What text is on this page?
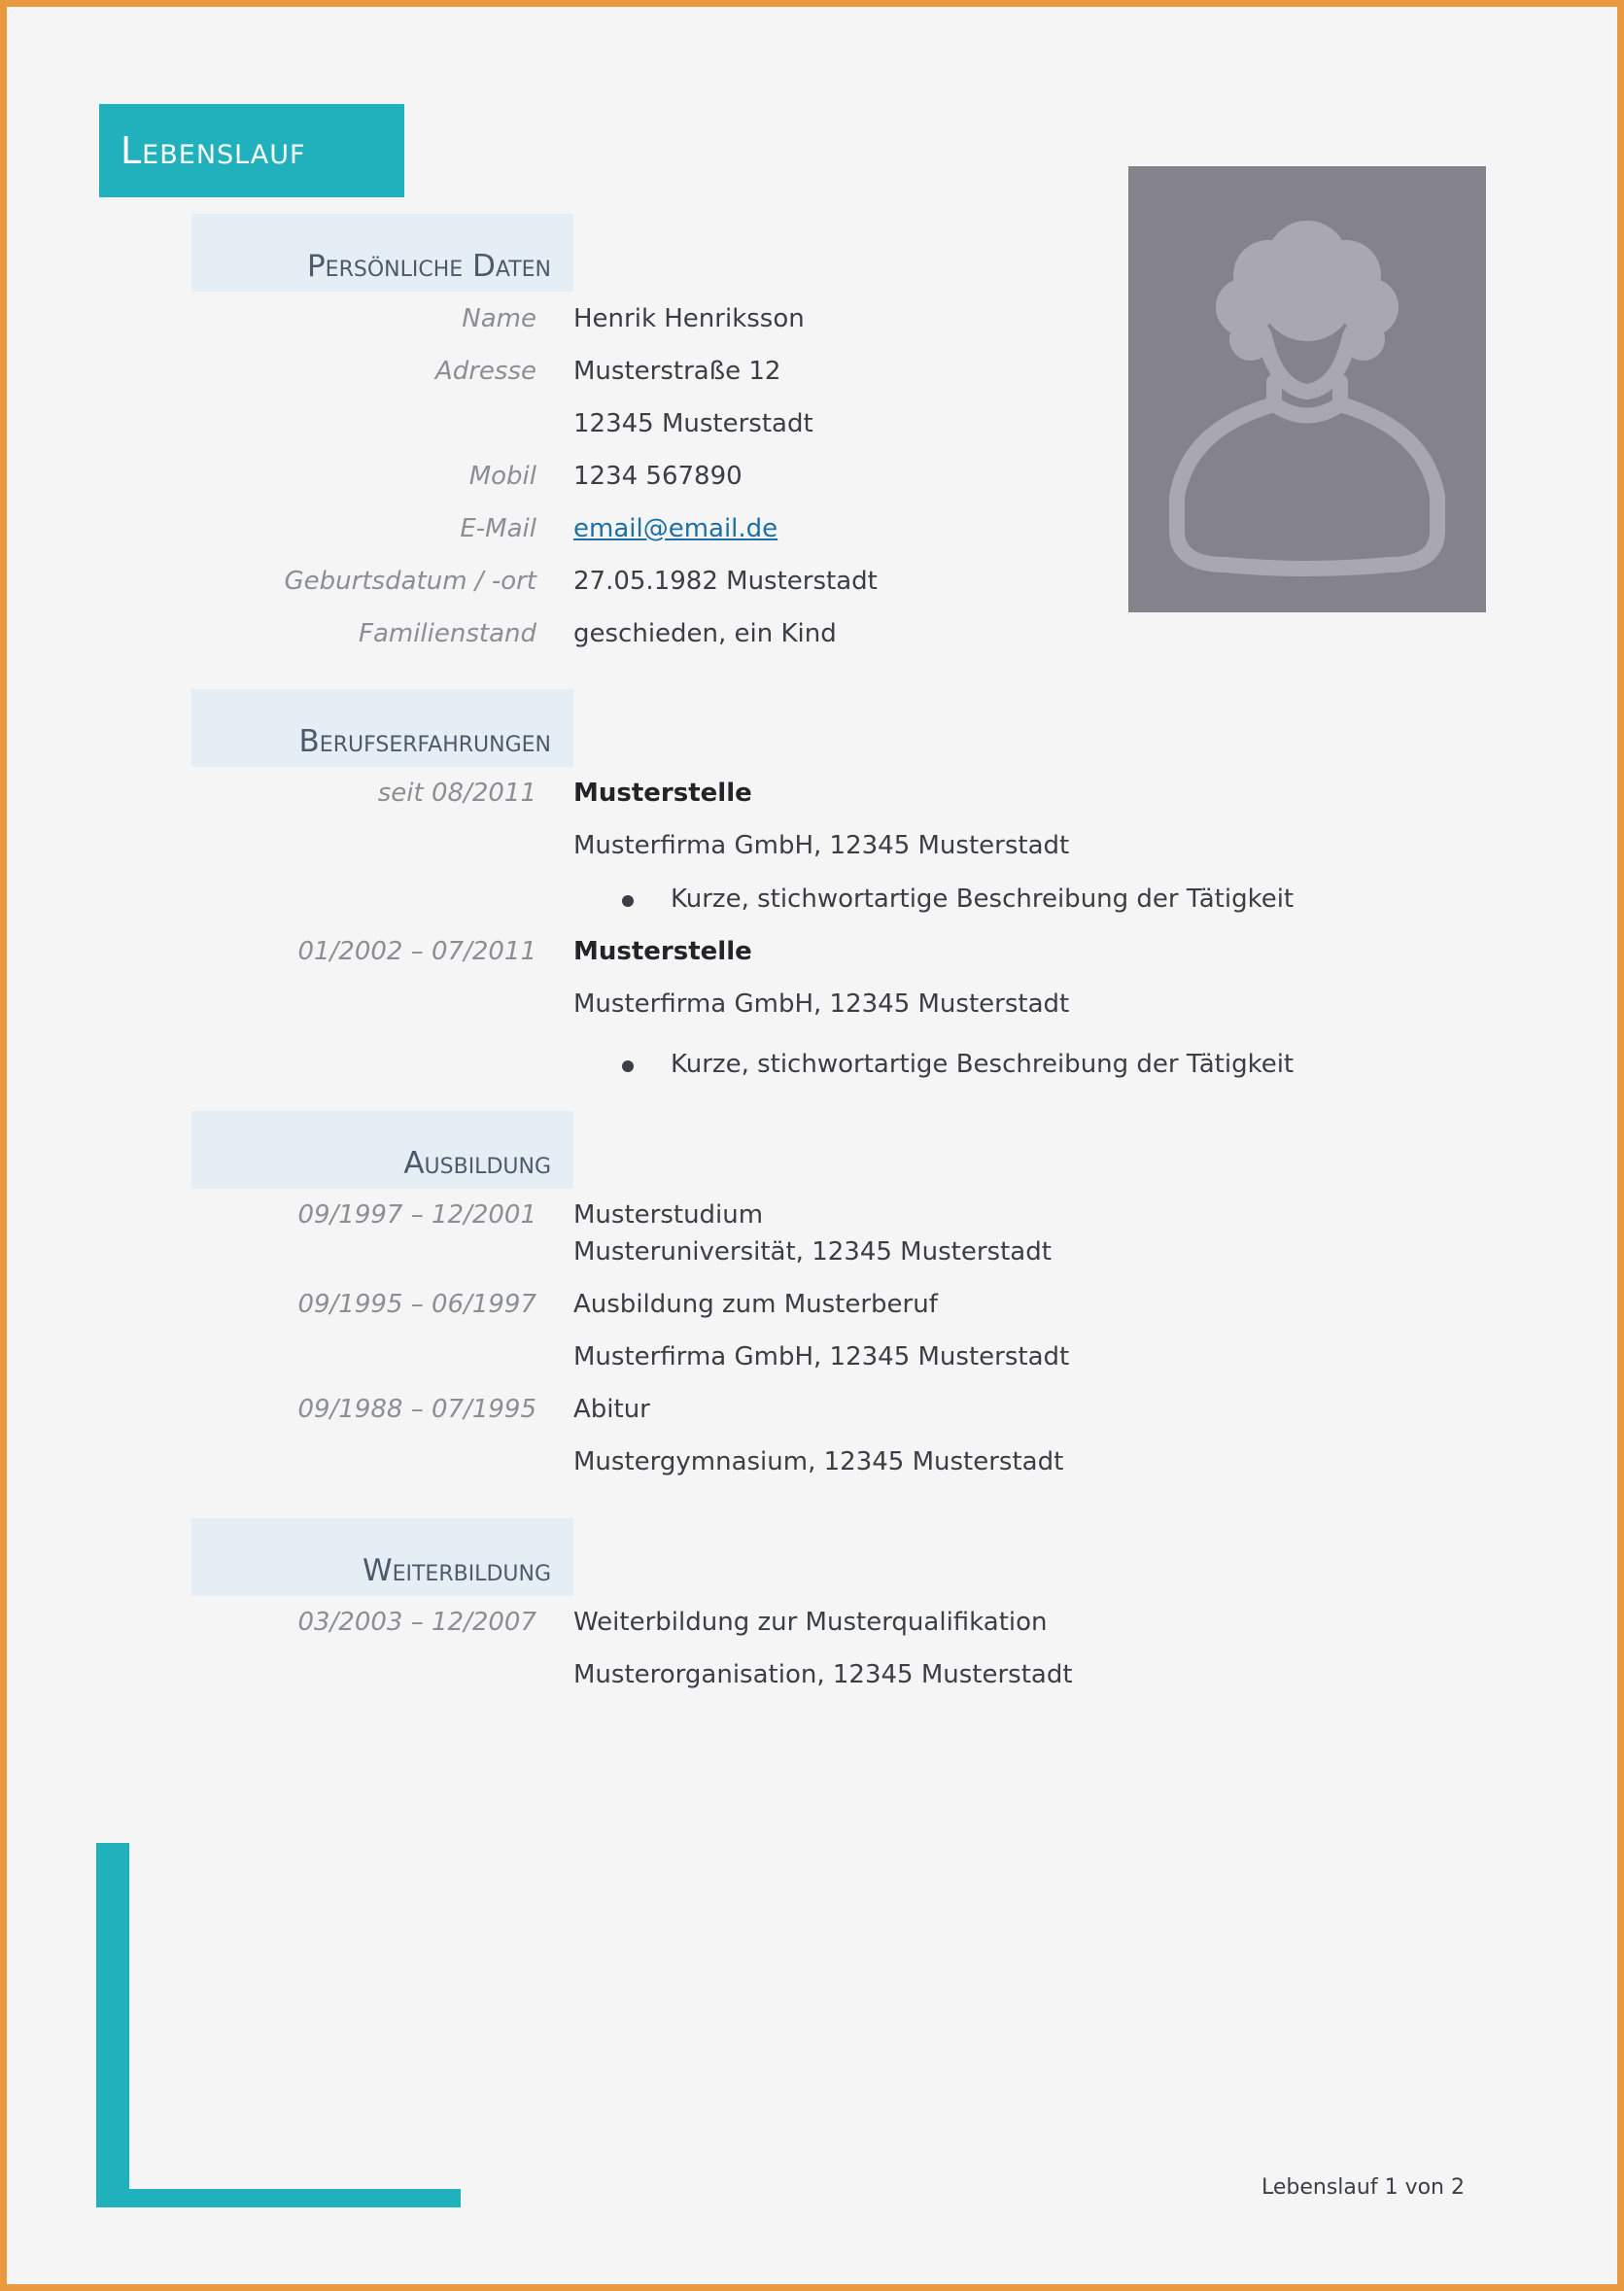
Lebenslauf
Persönliche Daten
Name Henrik Henriksson
Adresse Musterstraße 12
12345 Musterstadt
Mobil 1234 567890
E-Mail email@email.de
Geburtsdatum / -ort 27.05.1982 Musterstadt
Familienstand geschieden, ein Kind
Berufserfahrungen
seit 08/2011 Musterstelle
Musterfirma GmbH, 12345 Musterstadt
Kurze, stichwortartige Beschreibung der Tätigkeit
01/2002 – 07/2011 Musterstelle
Musterfirma GmbH, 12345 Musterstadt
Kurze, stichwortartige Beschreibung der Tätigkeit
Ausbildung
09/1997 – 12/2001 Musterstudium
Musteruniversität, 12345 Musterstadt
09/1995 – 06/1997 Ausbildung zum Musterberuf
Musterfirma GmbH, 12345 Musterstadt
09/1988 – 07/1995 Abitur
Mustergymnasium, 12345 Musterstadt
Weiterbildung
03/2003 – 12/2007 Weiterbildung zur Musterqualifikation
Musterorganisation, 12345 Musterstadt
Lebenslauf 1 von 2
